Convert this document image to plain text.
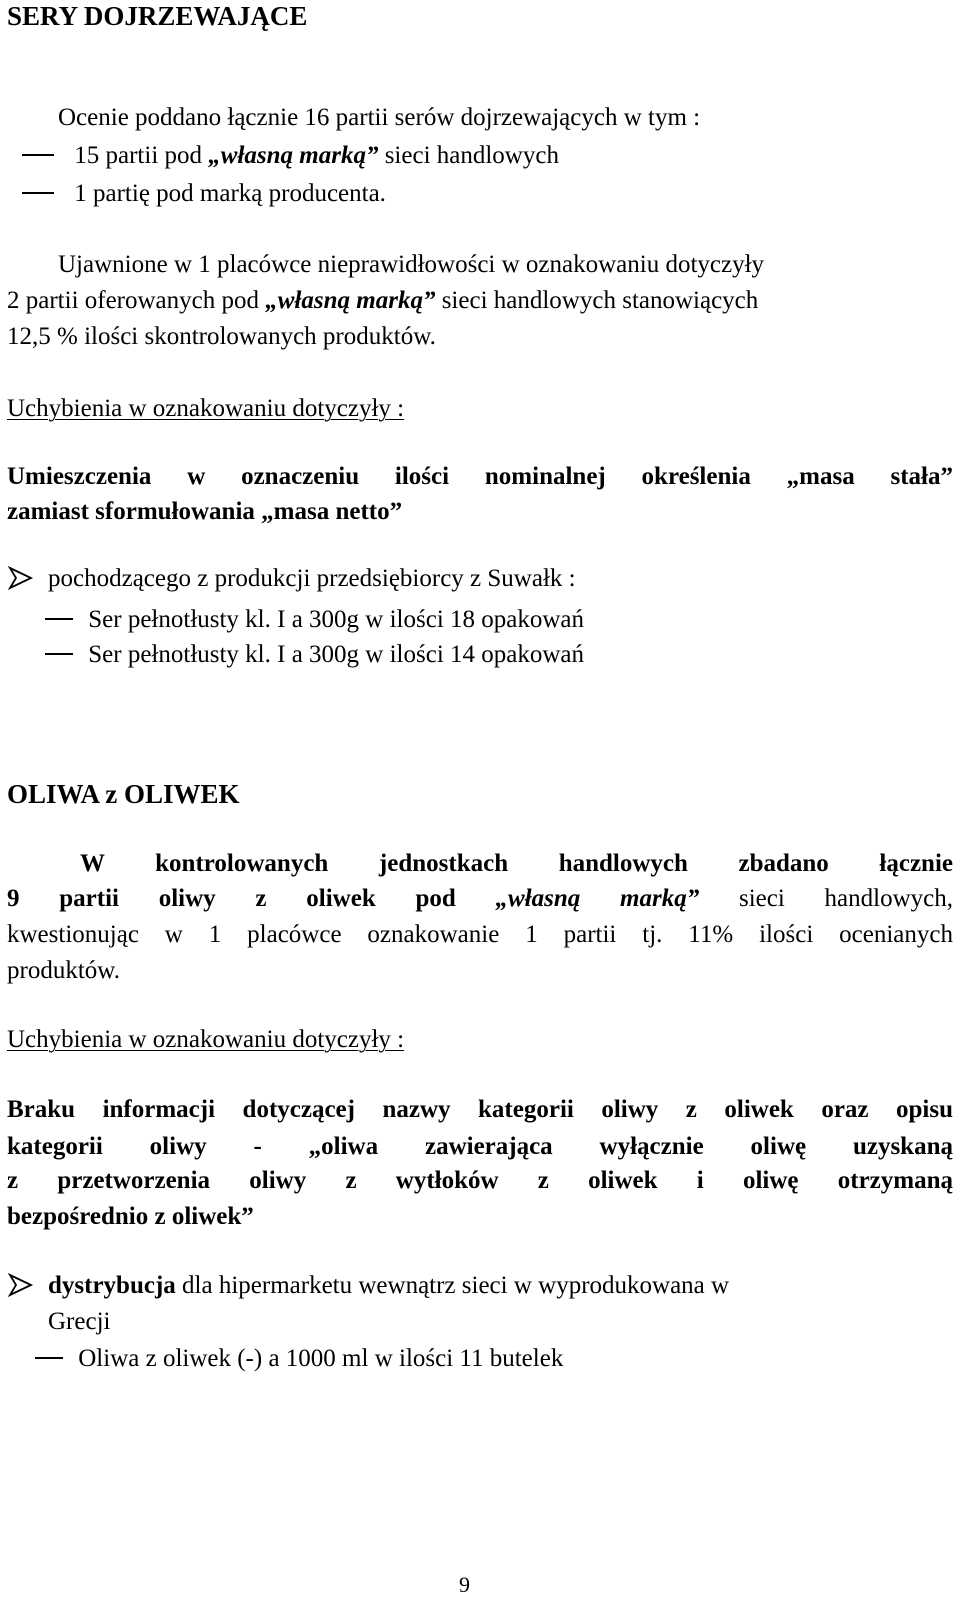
SERY DOJRZEWAJĄCE
Ocenie poddano łącznie 16 partii serów dojrzewających w tym :
15 partii pod „własną marką” sieci handlowych
1 partię pod marką producenta.
Ujawnione w 1 placówce nieprawidłowości w oznakowaniu dotyczyły
2 partii oferowanych pod „własną marką” sieci handlowych stanowiących
12,5 % ilości skontrolowanych produktów.
Uchybienia w oznakowaniu dotyczyły :
Umieszczenia w oznaczeniu ilości nominalnej określenia „masa stała”
zamiast sformułowania „masa netto”
pochodzącego z produkcji przedsiębiorcy z Suwałk :
Ser pełnotłusty kl. I a 300g w ilości 18 opakowań
Ser pełnotłusty kl. I a 300g w ilości 14 opakowań
OLIWA z OLIWEK
W kontrolowanych jednostkach handlowych zbadano łącznie
9 partii oliwy z oliwek pod „własną marką” sieci handlowych,
kwestionując w 1 placówce oznakowanie 1 partii tj. 11% ilości ocenianych
produktów.
Uchybienia w oznakowaniu dotyczyły :
Braku informacji dotyczącej nazwy kategorii oliwy z oliwek oraz opisu
kategorii oliwy - „oliwa zawierająca wyłącznie oliwę uzyskaną
z przetworzenia oliwy z wytłoków z oliwek i oliwę otrzymaną
bezpośrednio z oliwek”
dystrybucja dla hipermarketu wewnątrz sieci w wyprodukowana w
Grecji
Oliwa z oliwek (-) a 1000 ml w ilości 11 butelek
9
